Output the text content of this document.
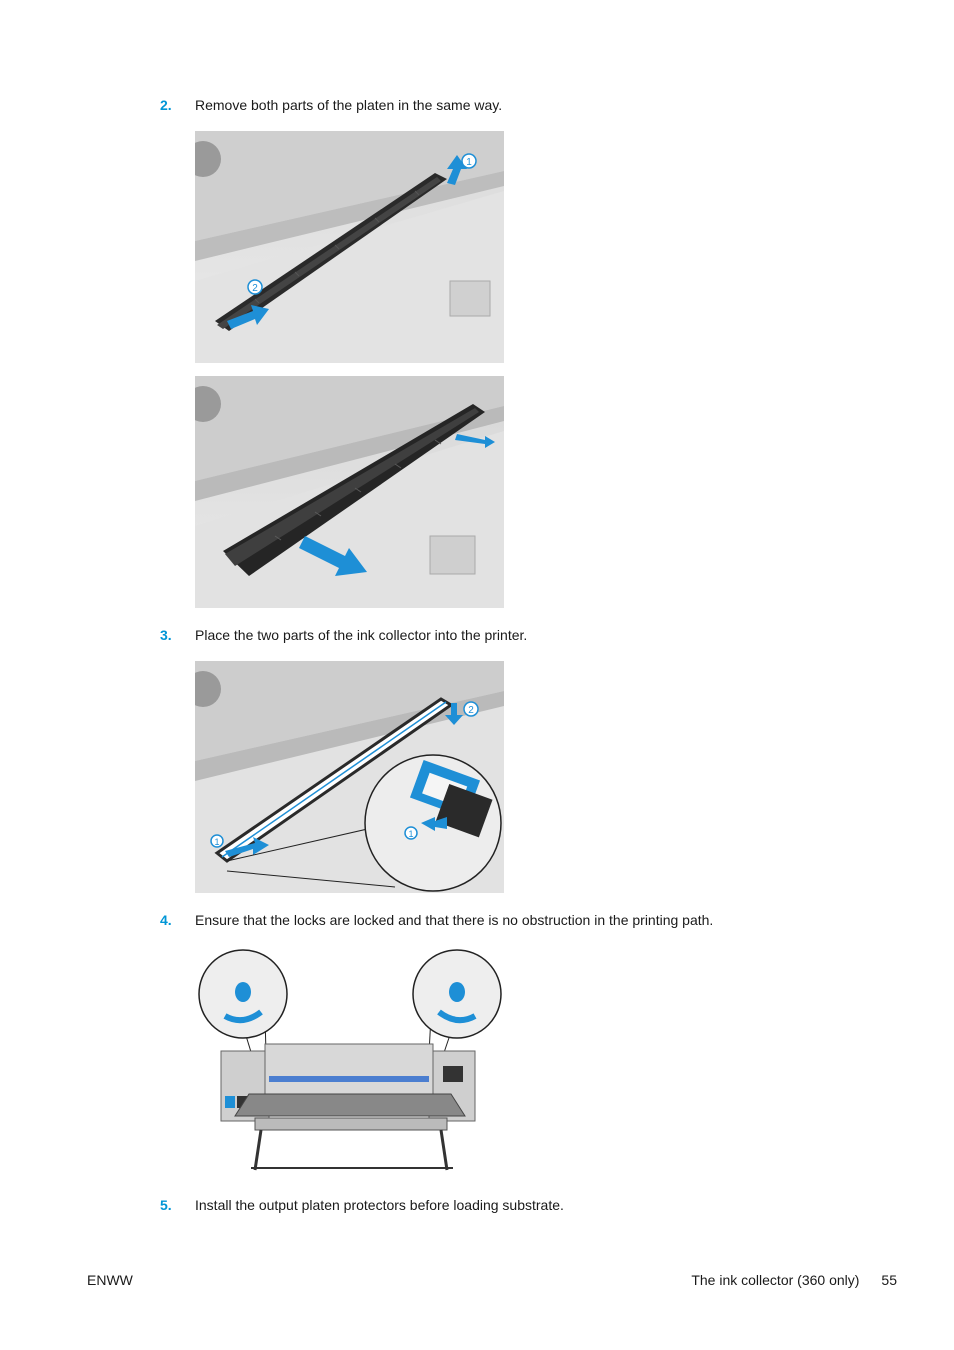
2.	Remove both parts of the platen in the same way.
1
2
3.	Place the two parts of the ink collector into the printer.
1
2
1
4.	Ensure that the locks are locked and that there is no obstruction in the printing path.
5.	Install the output platen protectors before loading substrate.
ENWW	The ink collector (360 only) 55
